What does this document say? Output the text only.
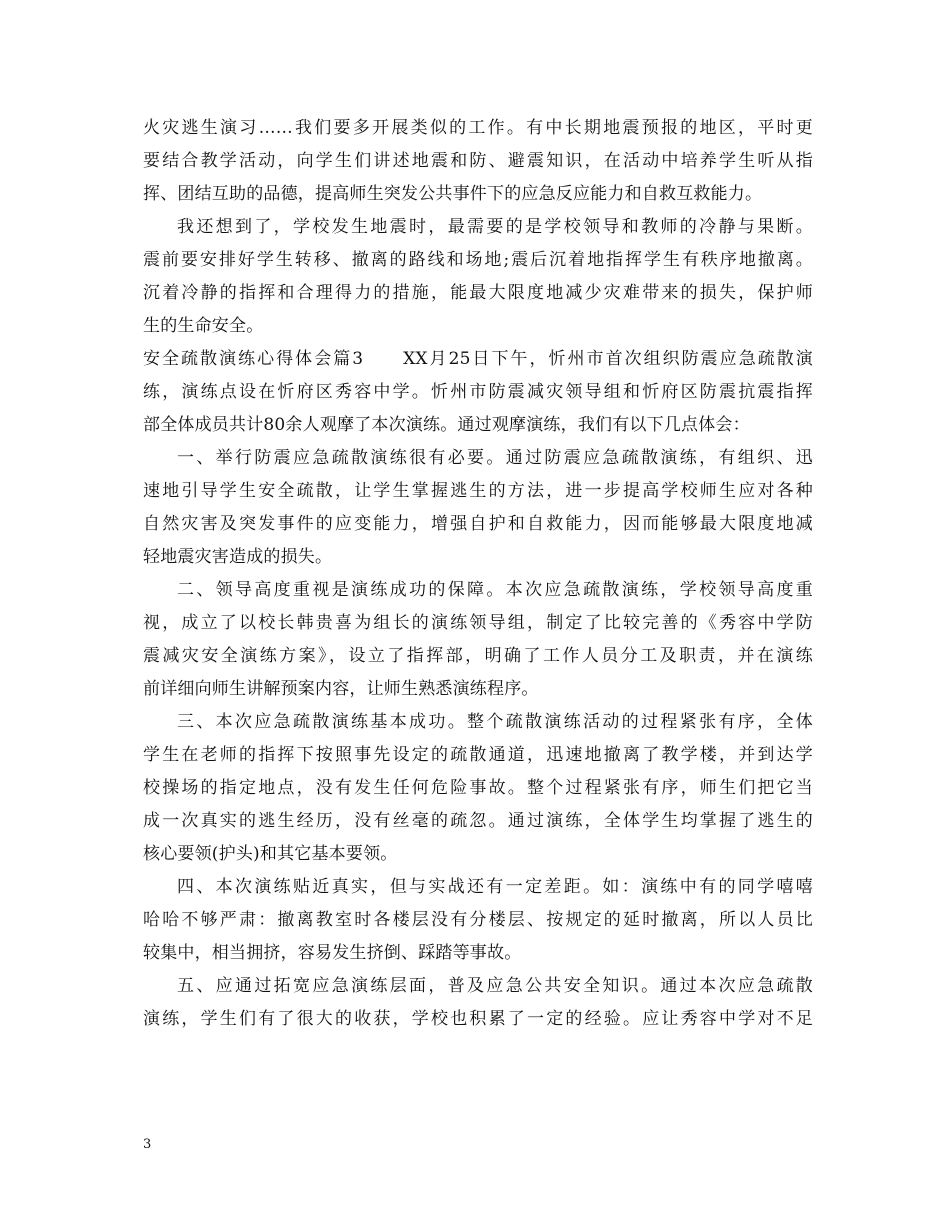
火灾逃生演习……我们要多开展类似的工作。有中长期地震预报的地区，平时更
要结合教学活动，向学生们讲述地震和防、避震知识，在活动中培养学生听从指
挥、团结互助的品德，提高师生突发公共事件下的应急反应能力和自救互救能力。
我还想到了，学校发生地震时，最需要的是学校领导和教师的冷静与果断。
震前要安排好学生转移、撤离的路线和场地;震后沉着地指挥学生有秩序地撤离。
沉着冷静的指挥和合理得力的措施，能最大限度地减少灾难带来的损失，保护师
生的生命安全。
安全疏散演练心得体会篇3　　XX月25日下午，忻州市首次组织防震应急疏散演
练，演练点设在忻府区秀容中学。忻州市防震减灾领导组和忻府区防震抗震指挥
部全体成员共计80余人观摩了本次演练。通过观摩演练，我们有以下几点体会：
一、举行防震应急疏散演练很有必要。通过防震应急疏散演练，有组织、迅
速地引导学生安全疏散，让学生掌握逃生的方法，进一步提高学校师生应对各种
自然灾害及突发事件的应变能力，增强自护和自救能力，因而能够最大限度地减
轻地震灾害造成的损失。
二、领导高度重视是演练成功的保障。本次应急疏散演练，学校领导高度重
视，成立了以校长韩贵喜为组长的演练领导组，制定了比较完善的《秀容中学防
震减灾安全演练方案》，设立了指挥部，明确了工作人员分工及职责，并在演练
前详细向师生讲解预案内容，让师生熟悉演练程序。
三、本次应急疏散演练基本成功。整个疏散演练活动的过程紧张有序，全体
学生在老师的指挥下按照事先设定的疏散通道，迅速地撤离了教学楼，并到达学
校操场的指定地点，没有发生任何危险事故。整个过程紧张有序，师生们把它当
成一次真实的逃生经历，没有丝毫的疏忽。通过演练，全体学生均掌握了逃生的
核心要领(护头)和其它基本要领。
四、本次演练贴近真实，但与实战还有一定差距。如：演练中有的同学嘻嘻
哈哈不够严肃：撤离教室时各楼层没有分楼层、按规定的延时撤离，所以人员比
较集中，相当拥挤，容易发生挤倒、踩踏等事故。
五、应通过拓宽应急演练层面，普及应急公共安全知识。通过本次应急疏散
演练，学生们有了很大的收获，学校也积累了一定的经验。应让秀容中学对不足
3
